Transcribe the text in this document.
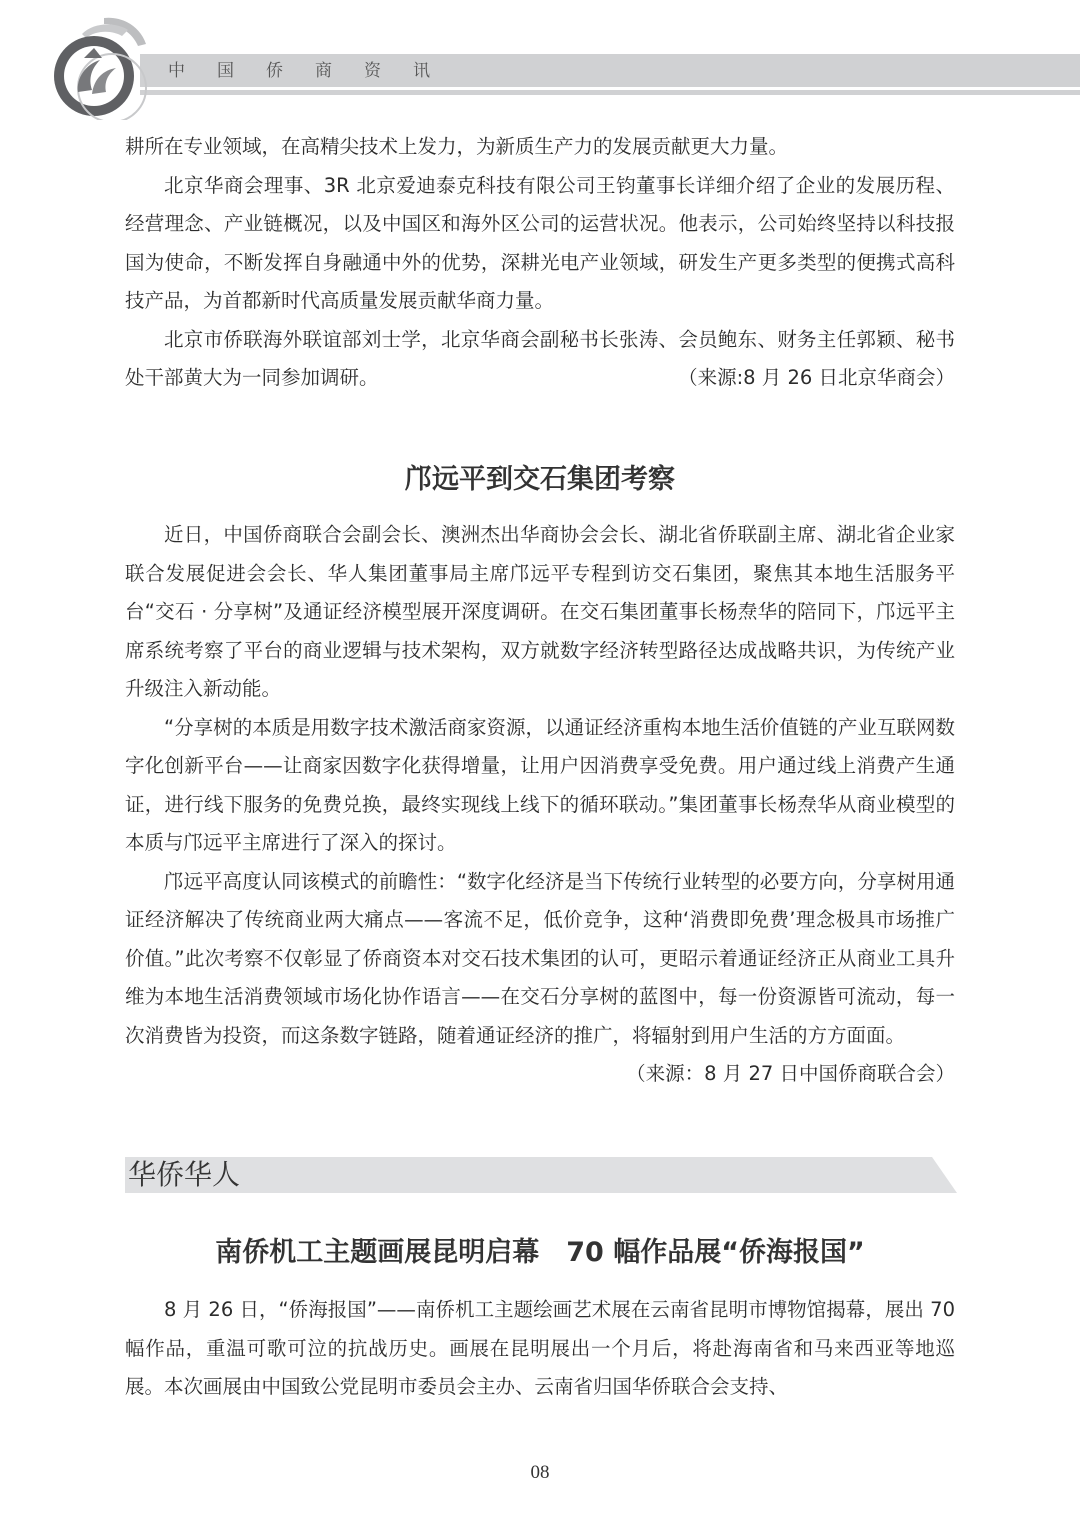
中国侨商资讯

耕所在专业领域，在高精尖技术上发力，为新质生产力的发展贡献更大力量。

北京华商会理事、3R 北京爱迪泰克科技有限公司王钧董事长详细介绍了企业的发展历程、经营理念、产业链概况，以及中国区和海外区公司的运营状况。他表示，公司始终坚持以科技报国为使命，不断发挥自身融通中外的优势，深耕光电产业领域，研发生产更多类型的便携式高科技产品，为首都新时代高质量发展贡献华商力量。

北京市侨联海外联谊部刘士学，北京华商会副秘书长张涛、会员鲍东、财务主任郭颖、秘书处干部黄大为一同参加调研。	（来源:8 月 26 日北京华商会）

邝远平到交石集团考察

近日，中国侨商联合会副会长、澳洲杰出华商协会会长、湖北省侨联副主席、湖北省企业家联合发展促进会会长、华人集团董事局主席邝远平专程到访交石集团，聚焦其本地生活服务平台“交石 · 分享树”及通证经济模型展开深度调研。在交石集团董事长杨焘华的陪同下，邝远平主席系统考察了平台的商业逻辑与技术架构，双方就数字经济转型路径达成战略共识，为传统产业升级注入新动能。

“分享树的本质是用数字技术激活商家资源，以通证经济重构本地生活价值链的产业互联网数字化创新平台——让商家因数字化获得增量，让用户因消费享受免费。用户通过线上消费产生通证，进行线下服务的免费兑换，最终实现线上线下的循环联动。”集团董事长杨焘华从商业模型的本质与邝远平主席进行了深入的探讨。

邝远平高度认同该模式的前瞻性：“数字化经济是当下传统行业转型的必要方向，分享树用通证经济解决了传统商业两大痛点——客流不足，低价竞争，这种‘消费即免费’理念极具市场推广价值。”此次考察不仅彰显了侨商资本对交石技术集团的认可，更昭示着通证经济正从商业工具升维为本地生活消费领域市场化协作语言——在交石分享树的蓝图中，每一份资源皆可流动，每一次消费皆为投资，而这条数字链路，随着通证经济的推广，将辐射到用户生活的方方面面。
（来源：8 月 27 日中国侨商联合会）

华侨华人
南侨机工主题画展昆明启幕　70 幅作品展“侨海报国”

8 月 26 日，“侨海报国”——南侨机工主题绘画艺术展在云南省昆明市博物馆揭幕，展出 70 幅作品，重温可歌可泣的抗战历史。画展在昆明展出一个月后，将赴海南省和马来西亚等地巡展。本次画展由中国致公党昆明市委员会主办、云南省归国华侨联合会支持、

08
